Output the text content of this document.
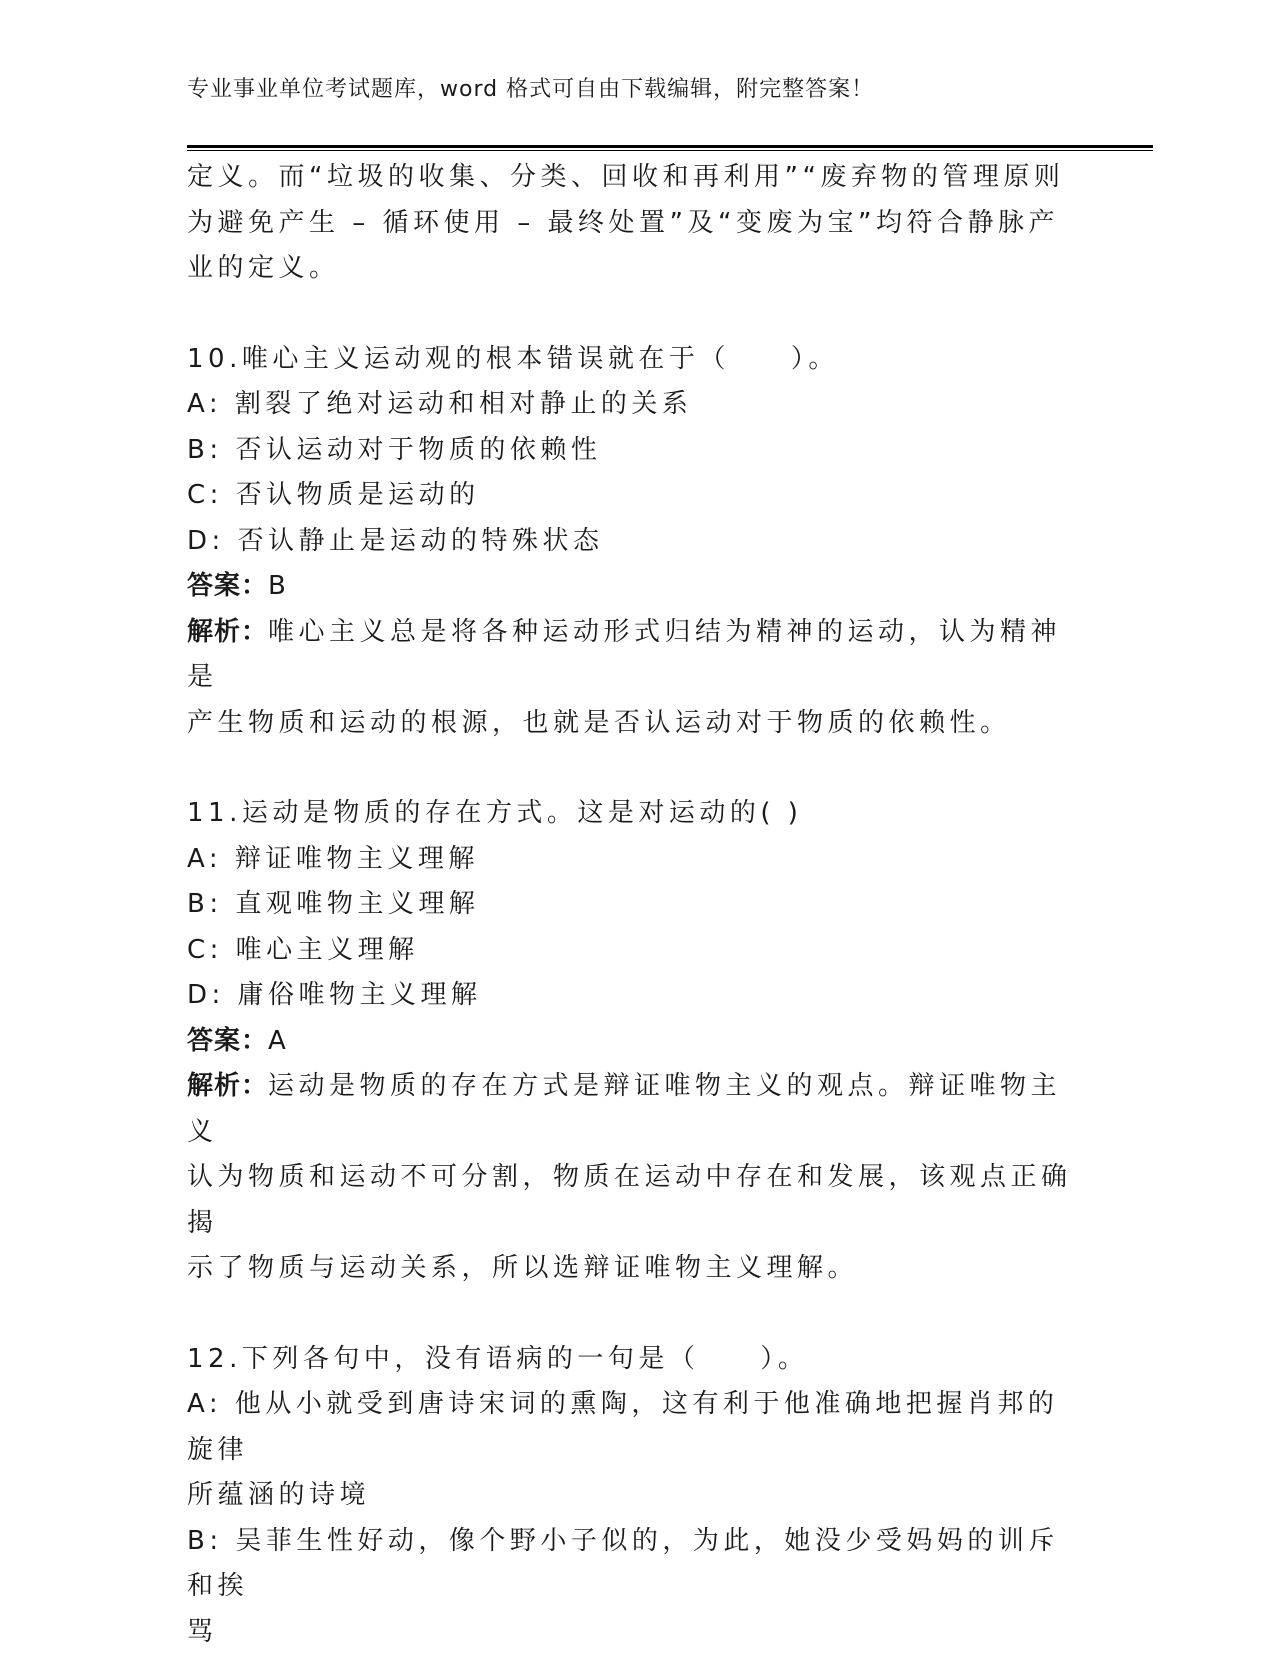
专业事业单位考试题库，word 格式可自由下载编辑，附完整答案！

定义。而“垃圾的收集、分类、回收和再利用”“废弃物的管理原则

为避免产生 – 循环使用 – 最终处置”及“变废为宝”均符合静脉产

业的定义。

10.唯心主义运动观的根本错误就在于（　　）。

A: 割裂了绝对运动和相对静止的关系

B: 否认运动对于物质的依赖性

C: 否认物质是运动的

D: 否认静止是运动的特殊状态

答案：B

解析：唯心主义总是将各种运动形式归结为精神的运动，认为精神是

产生物质和运动的根源，也就是否认运动对于物质的依赖性。

11.运动是物质的存在方式。这是对运动的( )

A: 辩证唯物主义理解

B: 直观唯物主义理解

C: 唯心主义理解

D: 庸俗唯物主义理解

答案：A

解析：运动是物质的存在方式是辩证唯物主义的观点。辩证唯物主义

认为物质和运动不可分割，物质在运动中存在和发展，该观点正确揭

示了物质与运动关系，所以选辩证唯物主义理解。

12.下列各句中，没有语病的一句是（　　）。

A: 他从小就受到唐诗宋词的熏陶，这有利于他准确地把握肖邦的旋律

所蕴涵的诗境

B: 吴菲生性好动，像个野小子似的，为此，她没少受妈妈的训斥和挨

骂
